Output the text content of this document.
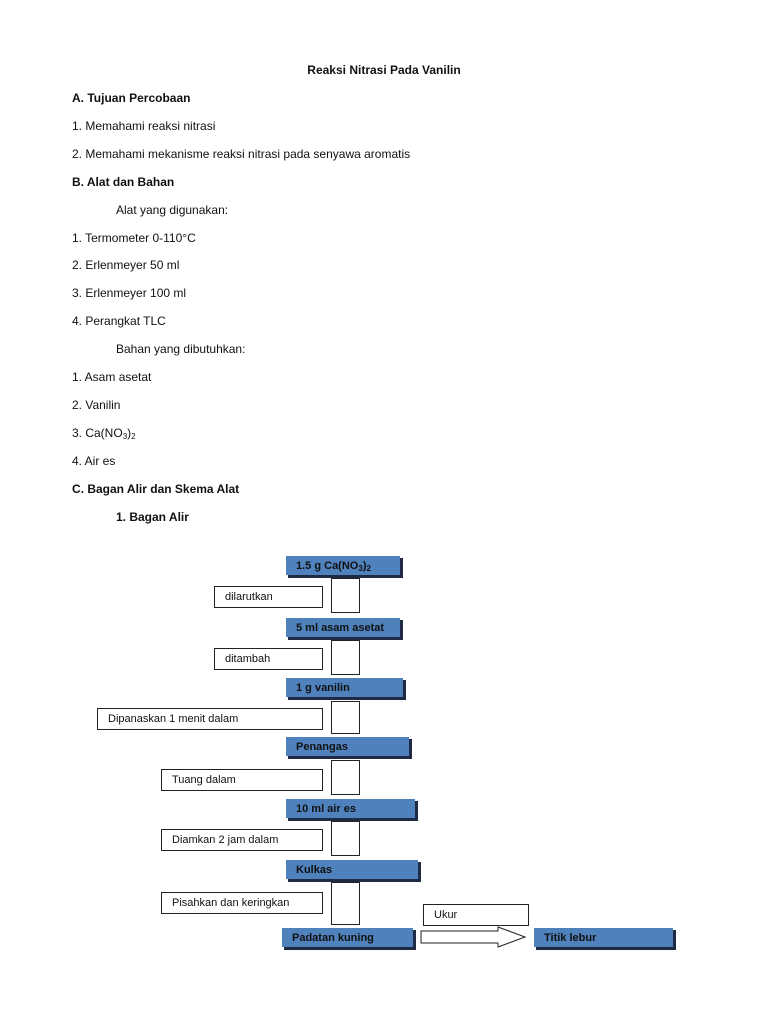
Reaksi Nitrasi Pada Vanilin
A. Tujuan Percobaan
1. Memahami reaksi nitrasi
2. Memahami mekanisme reaksi nitrasi pada senyawa aromatis
B. Alat dan Bahan
Alat yang digunakan:
1. Termometer 0-110°C
2. Erlenmeyer 50 ml
3. Erlenmeyer 100 ml
4. Perangkat TLC
Bahan yang dibutuhkan:
1. Asam asetat
2. Vanilin
3. $Ca(NO_3)_2$
4. Air es
C. Bagan Alir dan Skema Alat
1. Bagan Alir
1.5 g $Ca(NO_3)_2$
dilarutkan
5 ml asam asetat
ditambah
1 g vanilin
Dipanaskan 1 menit dalam
Penangas
Tuang dalam
10 ml air es
Diamkan 2 jam dalam
Kulkas
Pisahkan dan keringkan
Padatan kuning
Ukur
Titik lebur
